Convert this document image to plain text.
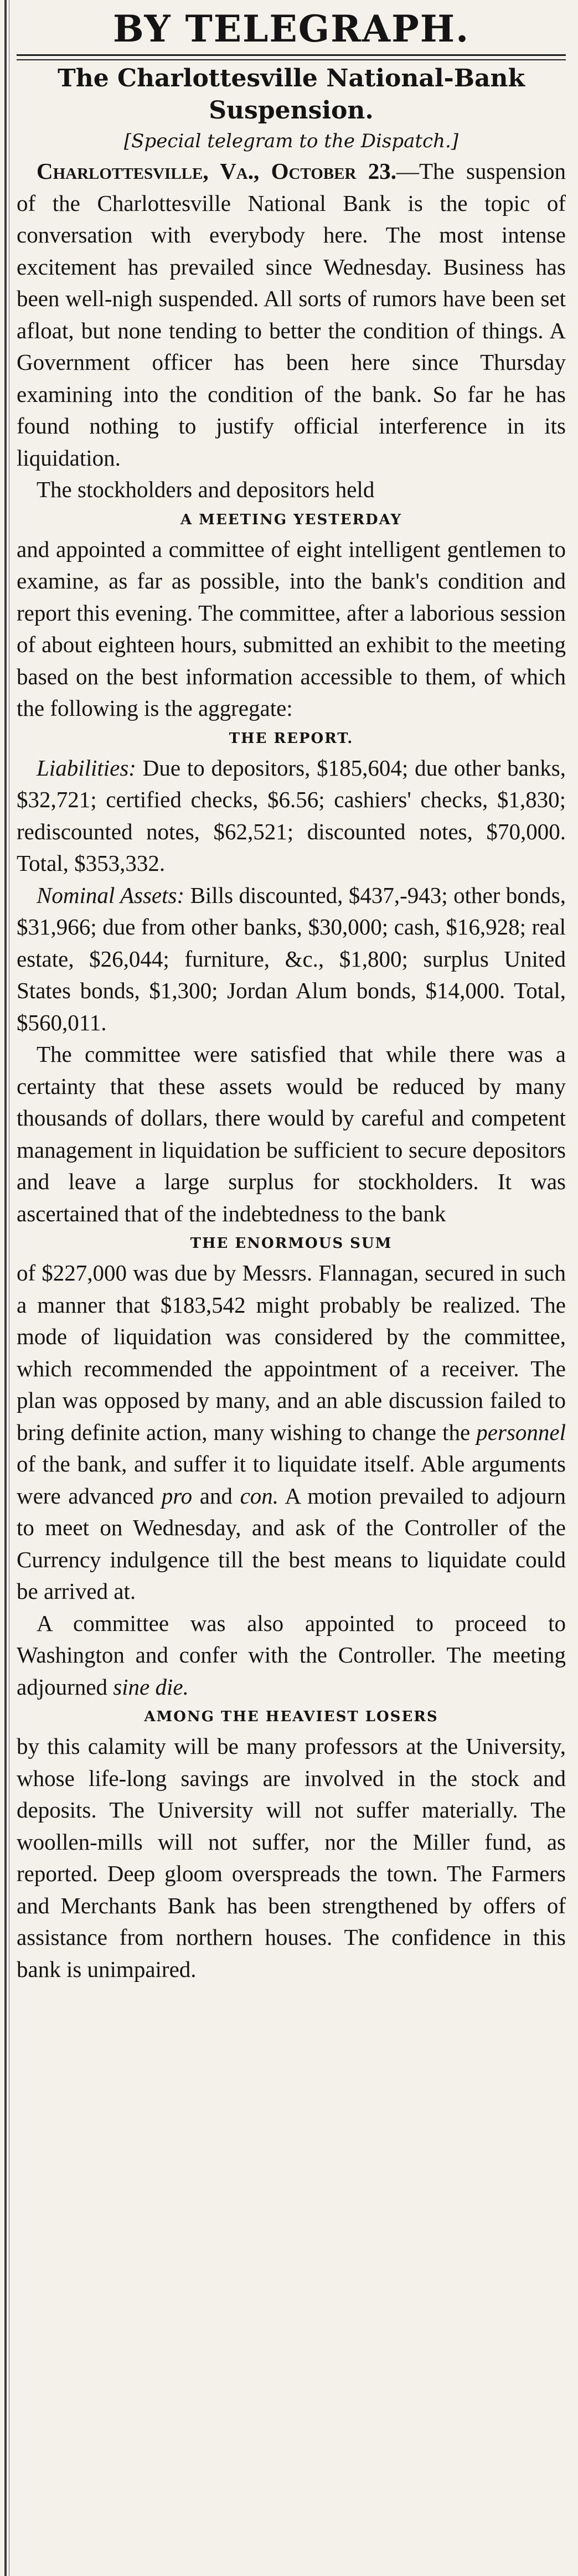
BY TELEGRAPH.

The Charlottesville National-Bank
Suspension.

[Special telegram to the Dispatch.]

Charlottesville, Va., October 23.—The suspension of the Charlottesville National Bank is the topic of conversation with everybody here. The most intense excitement has prevailed since Wednesday. Business has been well-nigh suspended. All sorts of rumors have been set afloat, but none tending to better the condition of things. A Government officer has been here since Thursday examining into the condition of the bank. So far he has found nothing to justify official interference in its liquidation.

The stockholders and depositors held

A MEETING YESTERDAY

and appointed a committee of eight intelligent gentlemen to examine, as far as possible, into the bank's condition and report this evening. The committee, after a laborious session of about eighteen hours, submitted an exhibit to the meeting based on the best information accessible to them, of which the following is the aggregate:

THE REPORT.

Liabilities: Due to depositors, $185,604; due other banks, $32,721; certified checks, $6.56; cashiers' checks, $1,830; rediscounted notes, $62,521; discounted notes, $70,000. Total, $353,332.

Nominal Assets: Bills discounted, $437,-943; other bonds, $31,966; due from other banks, $30,000; cash, $16,928; real estate, $26,044; furniture, &c., $1,800; surplus United States bonds, $1,300; Jordan Alum bonds, $14,000. Total, $560,011.

The committee were satisfied that while there was a certainty that these assets would be reduced by many thousands of dollars, there would by careful and competent management in liquidation be sufficient to secure depositors and leave a large surplus for stockholders. It was ascertained that of the indebtedness to the bank

THE ENORMOUS SUM

of $227,000 was due by Messrs. Flannagan, secured in such a manner that $183,542 might probably be realized. The mode of liquidation was considered by the committee, which recommended the appointment of a receiver. The plan was opposed by many, and an able discussion failed to bring definite action, many wishing to change the personnel of the bank, and suffer it to liquidate itself. Able arguments were advanced pro and con. A motion prevailed to adjourn to meet on Wednesday, and ask of the Controller of the Currency indulgence till the best means to liquidate could be arrived at.

A committee was also appointed to proceed to Washington and confer with the Controller. The meeting adjourned sine die.

AMONG THE HEAVIEST LOSERS

by this calamity will be many professors at the University, whose life-long savings are involved in the stock and deposits. The University will not suffer materially. The woollen-mills will not suffer, nor the Miller fund, as reported. Deep gloom overspreads the town. The Farmers and Merchants Bank has been strengthened by offers of assistance from northern houses. The confidence in this bank is unimpaired.
